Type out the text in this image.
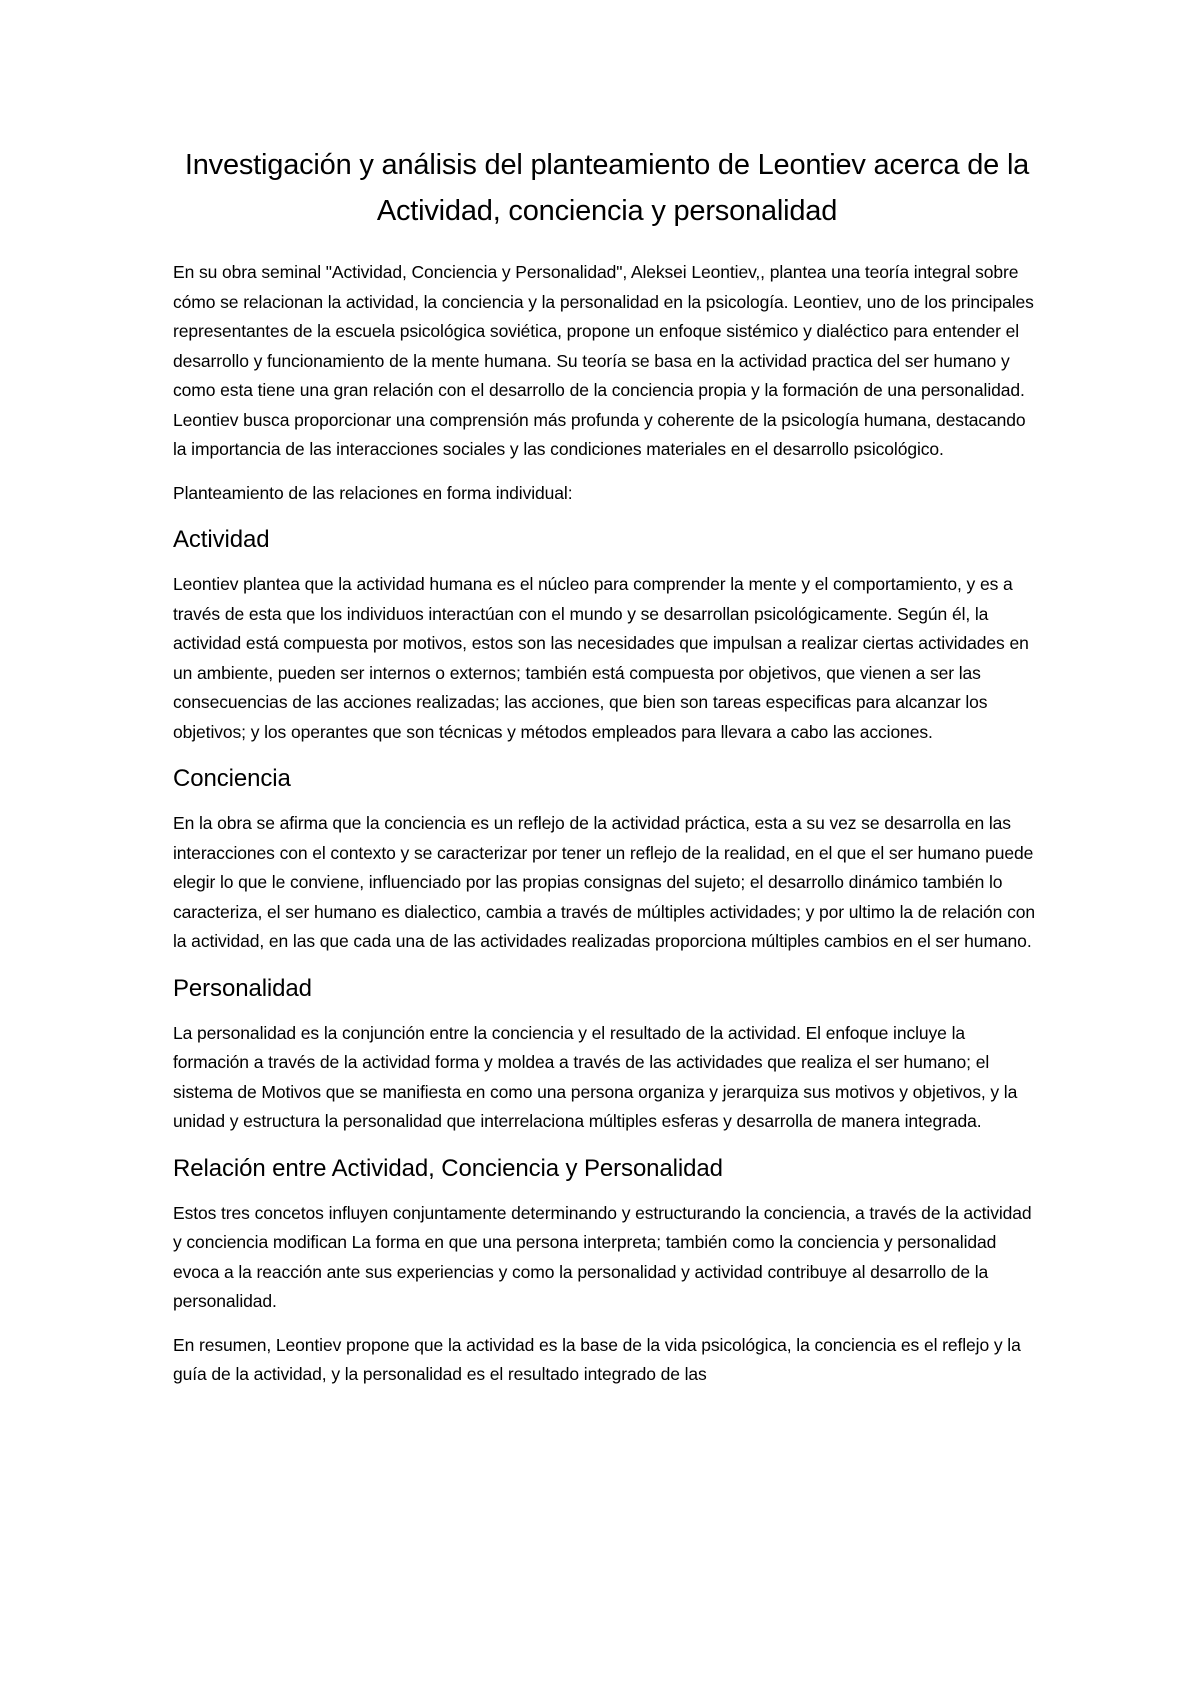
Investigación y análisis del planteamiento de Leontiev acerca de la Actividad, conciencia y personalidad

En su obra seminal "Actividad, Conciencia y Personalidad", Aleksei Leontiev,, plantea una teoría integral sobre cómo se relacionan la actividad, la conciencia y la personalidad en la psicología. Leontiev, uno de los principales representantes de la escuela psicológica soviética, propone un enfoque sistémico y dialéctico para entender el desarrollo y funcionamiento de la mente humana. Su teoría se basa en la actividad practica del ser humano y como esta tiene una gran relación con el desarrollo de la conciencia propia y la formación de una personalidad. Leontiev busca proporcionar una comprensión más profunda y coherente de la psicología humana, destacando la importancia de las interacciones sociales y las condiciones materiales en el desarrollo psicológico.

Planteamiento de las relaciones en forma individual:

Actividad

Leontiev plantea que la actividad humana es el núcleo para comprender la mente y el comportamiento, y es a través de esta que los individuos interactúan con el mundo y se desarrollan psicológicamente. Según él, la actividad está compuesta por motivos, estos son las necesidades que impulsan a realizar ciertas actividades en un ambiente, pueden ser internos o externos; también está compuesta por objetivos, que vienen a ser las consecuencias de las acciones realizadas; las acciones, que bien son tareas especificas para alcanzar los objetivos; y los operantes que son técnicas y métodos empleados para llevara a cabo las acciones.

Conciencia

En la obra se afirma que la conciencia es un reflejo de la actividad práctica, esta a su vez se desarrolla en las interacciones con el contexto y se caracterizar por tener un reflejo de la realidad, en el que el ser humano puede elegir lo que le conviene, influenciado por las propias consignas del sujeto; el desarrollo dinámico también lo caracteriza, el ser humano es dialectico, cambia a través de múltiples actividades; y por ultimo la de relación con la actividad, en las que cada una de las actividades realizadas proporciona múltiples cambios en el ser humano.

Personalidad

La personalidad es la conjunción entre la conciencia y el resultado de la actividad. El enfoque incluye la formación a través de la actividad forma y moldea a través de las actividades que realiza el ser humano; el sistema de Motivos que se manifiesta en como una persona organiza y jerarquiza sus motivos y objetivos, y la unidad y estructura la personalidad que interrelaciona múltiples esferas y desarrolla de manera integrada.

Relación entre Actividad, Conciencia y Personalidad

Estos tres concetos influyen conjuntamente determinando y estructurando la conciencia, a través de la actividad y conciencia modifican La forma en que una persona interpreta; también como la conciencia y personalidad evoca a la reacción ante sus experiencias y como la personalidad y actividad contribuye al desarrollo de la personalidad.

En resumen, Leontiev propone que la actividad es la base de la vida psicológica, la conciencia es el reflejo y la guía de la actividad, y la personalidad es el resultado integrado de las
